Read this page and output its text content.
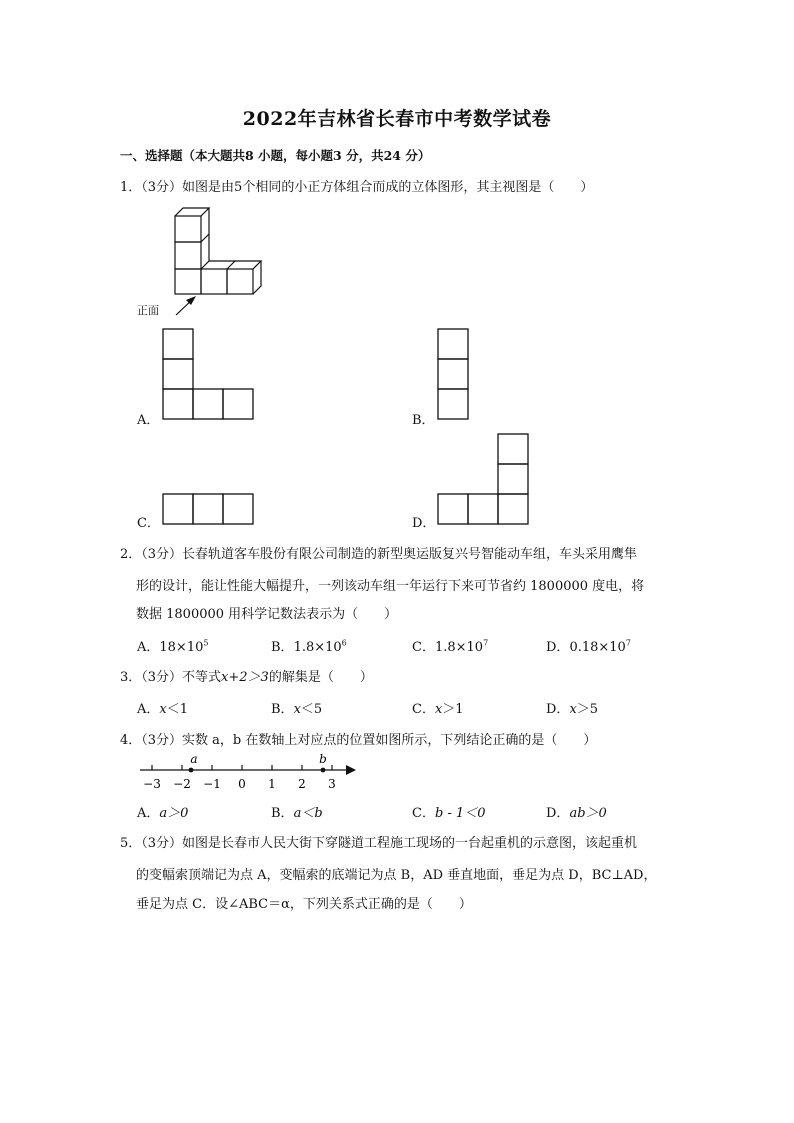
2022年吉林省长春市中考数学试卷
一、选择题（本大题共8 小题，每小题3 分，共24 分）
1．（3分）如图是由5个相同的小正方体组合而成的立体图形，其主视图是（　　）
正面
A．	B．
C．	D．
2．（3分）长春轨道客车股份有限公司制造的新型奥运版复兴号智能动车组，车头采用鹰隼
形的设计，能让性能大幅提升，一列该动车组一年运行下来可节省约 1800000 度电，将
数据 1800000 用科学记数法表示为（　　）
A．$18\times 10^5$	B．$1.8\times 10^6$	C．$1.8\times 10^7$	D．$0.18\times 10^7$
3．（3分）不等式x+2＞3的解集是（　　）
A．x＜1	B．x＜5	C．x＞1	D．x＞5
4．（3分）实数 a，b 在数轴上对应点的位置如图所示，下列结论正确的是（　　）
−3 −2 −1 0 1 2 3
a	b
A．a＞0	B．a＜b	C．b - 1＜0	D．ab＞0
5．（3分）如图是长春市人民大街下穿隧道工程施工现场的一台起重机的示意图，该起重机
的变幅索顶端记为点 A，变幅索的底端记为点 B，AD 垂直地面，垂足为点 D，BC⊥AD，
垂足为点 C．设∠ABC＝α，下列关系式正确的是（　　）
